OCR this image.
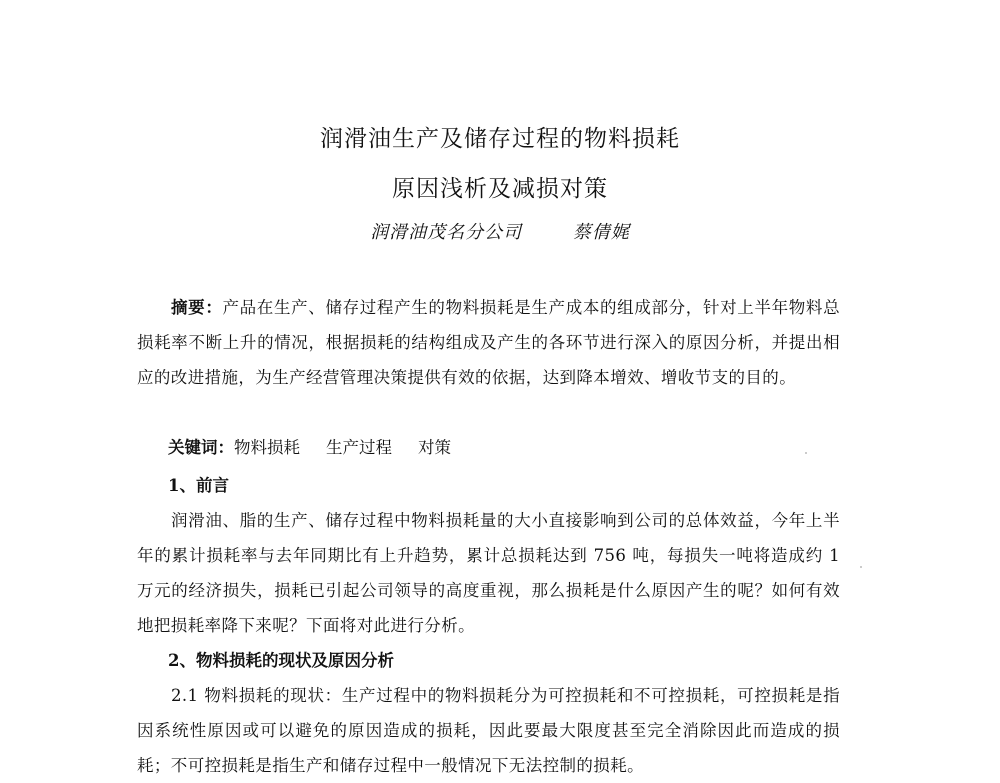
润滑油生产及储存过程的物料损耗
原因浅析及减损对策
润滑油茂名分公司	蔡倩娓
摘要：产品在生产、储存过程产生的物料损耗是生产成本的组成部分，针对上半年物料总损耗率不断上升的情况，根据损耗的结构组成及产生的各环节进行深入的原因分析，并提出相应的改进措施，为生产经营管理决策提供有效的依据，达到降本增效、增收节支的目的。
关键词：物料损耗 生产过程 对策
1、前言
润滑油、脂的生产、储存过程中物料损耗量的大小直接影响到公司的总体效益，今年上半年的累计损耗率与去年同期比有上升趋势，累计总损耗达到 756 吨，每损失一吨将造成约 1 万元的经济损失，损耗已引起公司领导的高度重视，那么损耗是什么原因产生的呢？如何有效地把损耗率降下来呢？下面将对此进行分析。
2、物料损耗的现状及原因分析
2.1 物料损耗的现状：生产过程中的物料损耗分为可控损耗和不可控损耗，可控损耗是指因系统性原因或可以避免的原因造成的损耗，因此要最大限度甚至完全消除因此而造成的损耗；不可控损耗是指生产和储存过程中一般情况下无法控制的损耗。
